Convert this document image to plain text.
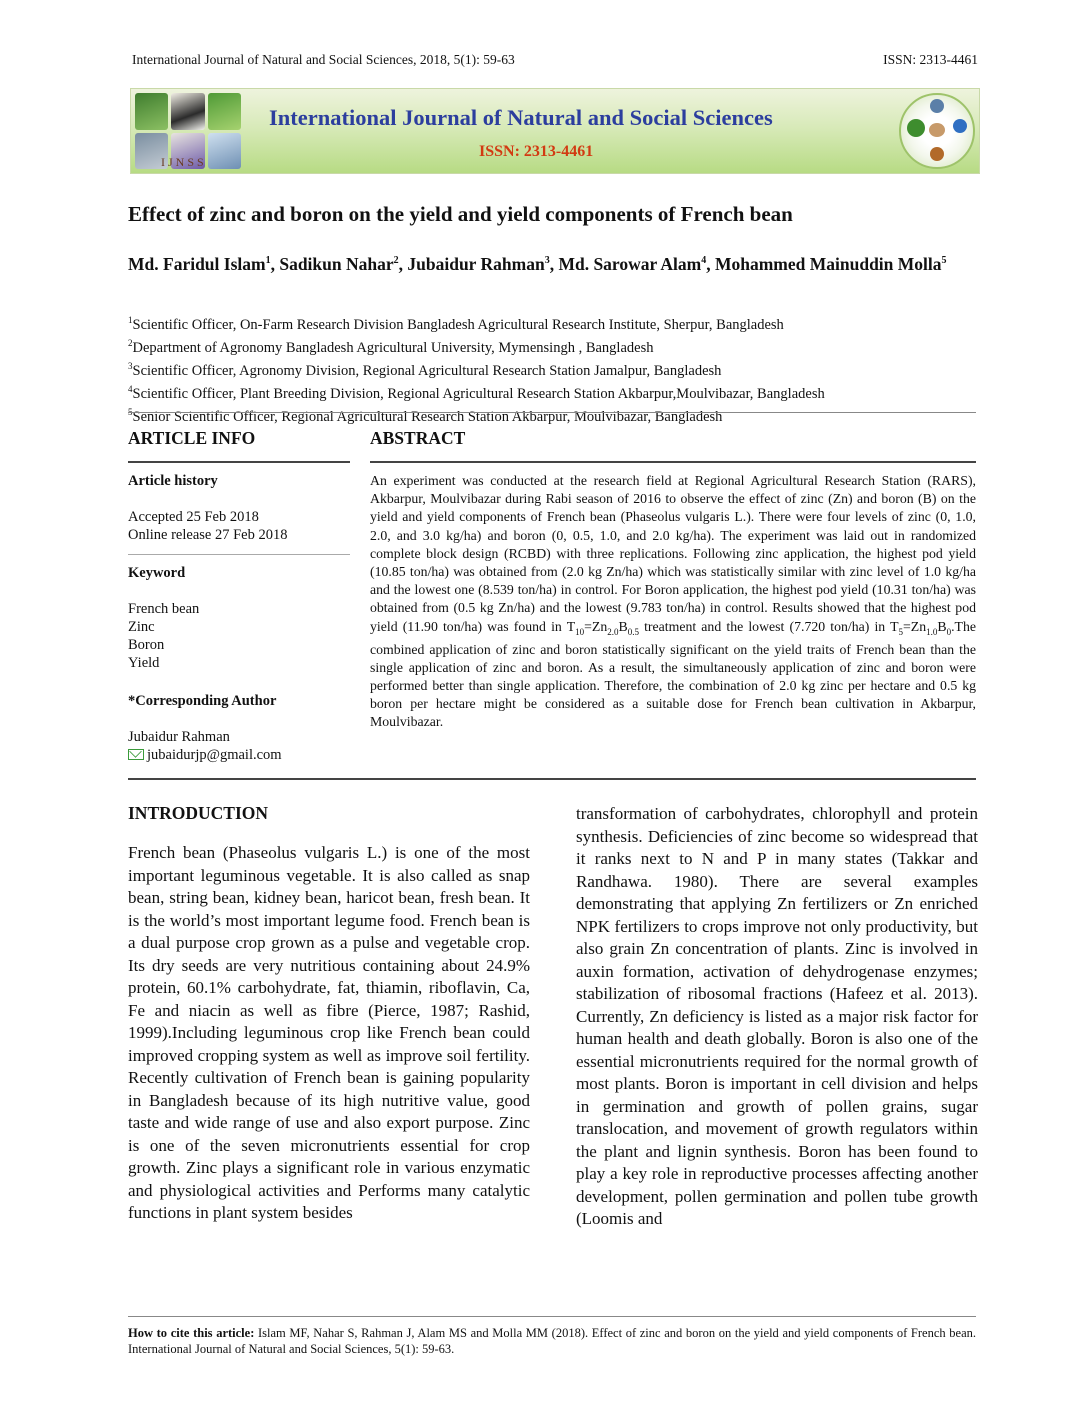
International Journal of Natural and Social Sciences, 2018, 5(1): 59-63	ISSN: 2313-4461
IJNSS
International Journal of Natural and Social Sciences
ISSN: 2313-4461
Effect of zinc and boron on the yield and yield components of French bean
Md. Faridul Islam$^1$, Sadikun Nahar$^2$, Jubaidur Rahman$^3$, Md. Sarowar Alam$^4$, Mohammed Mainuddin Molla$^5$
$^1$Scientific Officer, On-Farm Research Division Bangladesh Agricultural Research Institute, Sherpur, Bangladesh
$^2$Department of Agronomy Bangladesh Agricultural University, Mymensingh , Bangladesh
$^3$Scientific Officer, Agronomy Division, Regional Agricultural Research Station Jamalpur, Bangladesh
$^4$Scientific Officer, Plant Breeding Division, Regional Agricultural Research Station Akbarpur,Moulvibazar, Bangladesh
$^5$Senior Scientific Officer, Regional Agricultural Research Station Akbarpur, Moulvibazar, Bangladesh
ARTICLE INFO	ABSTRACT

Article history

Accepted 25 Feb 2018

Online release 27 Feb 2018

Keyword

French bean

Zinc

Boron

Yield

*Corresponding Author

Jubaidur Rahman

jubaidurjp@gmail.com

An experiment was conducted at the research field at Regional Agricultural Research Station (RARS), Akbarpur, Moulvibazar during Rabi season of 2016 to observe the effect of zinc (Zn) and boron (B) on the yield and yield components of French bean (Phaseolus vulgaris L.). There were four levels of zinc (0, 1.0, 2.0, and 3.0 kg/ha) and boron (0, 0.5, 1.0, and 2.0 kg/ha). The experiment was laid out in randomized complete block design (RCBD) with three replications. Following zinc application, the highest pod yield (10.85 ton/ha) was obtained from (2.0 kg Zn/ha) which was statistically similar with zinc level of 1.0 kg/ha and the lowest one (8.539 ton/ha) in control. For Boron application, the highest pod yield (10.31 ton/ha) was obtained from (0.5 kg Zn/ha) and the lowest (9.783 ton/ha) in control. Results showed that the highest pod yield (11.90 ton/ha) was found in $T_{10}=Zn_{2.0}B_{0.5}$ treatment and the lowest (7.720 ton/ha) in $T_5=Zn_{1.0}B_0.The$ combined application of zinc and boron statistically significant on the yield traits of French bean than the single application of zinc and boron. As a result, the simultaneously application of zinc and boron were performed better than single application. Therefore, the combination of 2.0 kg zinc per hectare and 0.5 kg boron per hectare might be considered as a suitable dose for French bean cultivation in Akbarpur, Moulvibazar.

INTRODUCTION

French bean (Phaseolus vulgaris L.) is one of the most important leguminous vegetable. It is also called as snap bean, string bean, kidney bean, haricot bean, fresh bean. It is the world’s most important legume food. French bean is a dual purpose crop grown as a pulse and vegetable crop. Its dry seeds are very nutritious containing about 24.9% protein, 60.1% carbohydrate, fat, thiamin, riboflavin, Ca, Fe and niacin as well as fibre (Pierce, 1987; Rashid, 1999).Including leguminous crop like French bean could improved cropping system as well as improve soil fertility. Recently cultivation of French bean is gaining popularity in Bangladesh because of its high nutritive value, good taste and wide range of use and also export purpose. Zinc is one of the seven micronutrients essential for crop growth. Zinc plays a significant role in various enzymatic and physiological activities and Performs many catalytic functions in plant system besides

transformation of carbohydrates, chlorophyll and protein synthesis. Deficiencies of zinc become so widespread that it ranks next to N and P in many states (Takkar and Randhawa. 1980). There are several examples demonstrating that applying Zn fertilizers or Zn enriched NPK fertilizers to crops improve not only productivity, but also grain Zn concentration of plants. Zinc is involved in auxin formation, activation of dehydrogenase enzymes; stabilization of ribosomal fractions (Hafeez et al. 2013). Currently, Zn deficiency is listed as a major risk factor for human health and death globally. Boron is also one of the essential micronutrients required for the normal growth of most plants. Boron is important in cell division and helps in germination and growth of pollen grains, sugar translocation, and movement of growth regulators within the plant and lignin synthesis. Boron has been found to play a key role in reproductive processes affecting another development, pollen germination and pollen tube growth (Loomis and

How to cite this article: Islam MF, Nahar S, Rahman J, Alam MS and Molla MM (2018). Effect of zinc and boron on the yield and yield components of French bean. International Journal of Natural and Social Sciences, 5(1): 59-63.
